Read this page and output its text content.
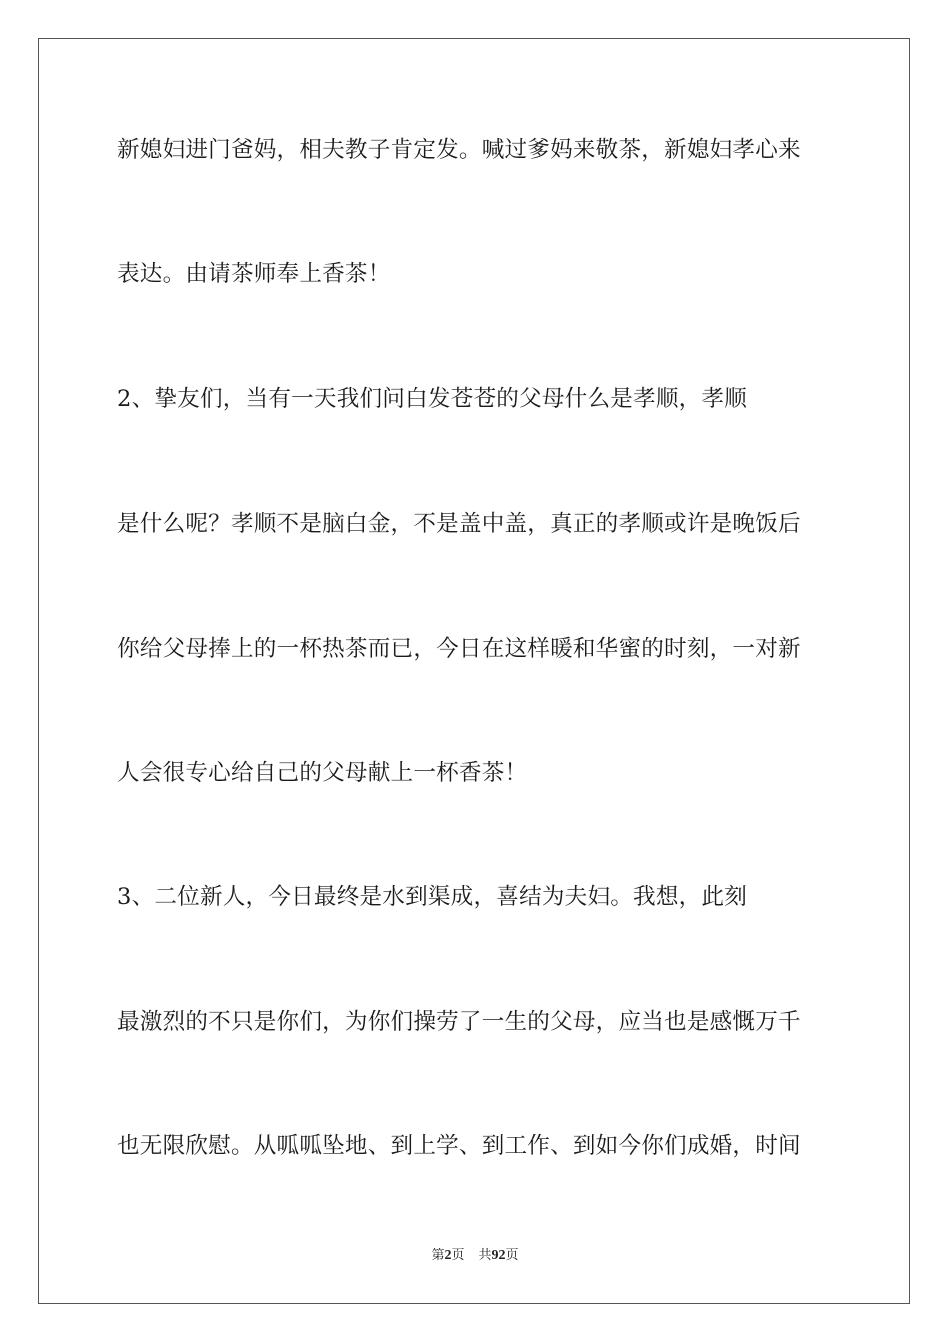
新媳妇进门爸妈，相夫教子肯定发。喊过爹妈来敬茶，新媳妇孝心来
表达。由请茶师奉上香茶！
2、挚友们，当有一天我们问白发苍苍的父母什么是孝顺，孝顺
是什么呢？孝顺不是脑白金，不是盖中盖，真正的孝顺或许是晚饭后
你给父母捧上的一杯热茶而已，今日在这样暖和华蜜的时刻，一对新
人会很专心给自己的父母献上一杯香茶！
3、二位新人，今日最终是水到渠成，喜结为夫妇。我想，此刻
最激烈的不只是你们，为你们操劳了一生的父母，应当也是感慨万千
也无限欣慰。从呱呱坠地、到上学、到工作、到如今你们成婚，时间
第2页 共92页
